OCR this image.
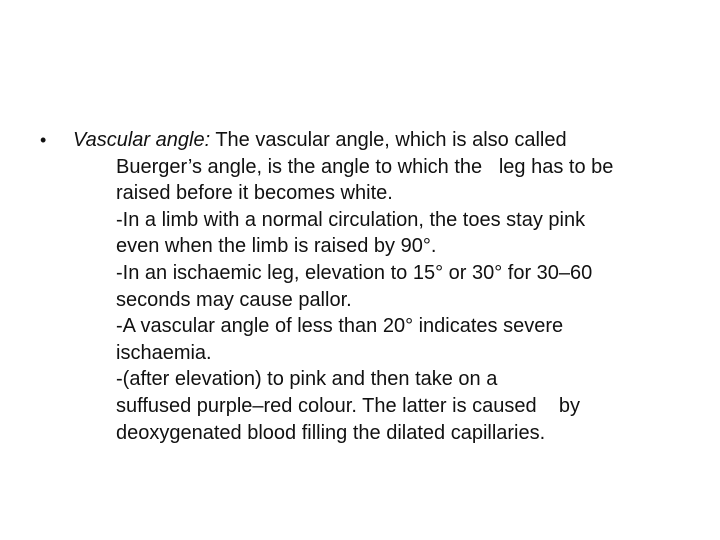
•	Vascular angle: The vascular angle, which is also called
Buerger’s angle, is the angle to which the   leg has to be
raised before it becomes white.
-In a limb with a normal circulation, the toes stay pink
even when the limb is raised by 90°.
-In an ischaemic leg, elevation to 15° or 30° for 30–60
seconds may cause pallor.
-A vascular angle of less than 20° indicates severe
ischaemia.
-(after elevation) to pink and then take on a
suffused purple–red colour. The latter is caused    by
deoxygenated blood filling the dilated capillaries.
